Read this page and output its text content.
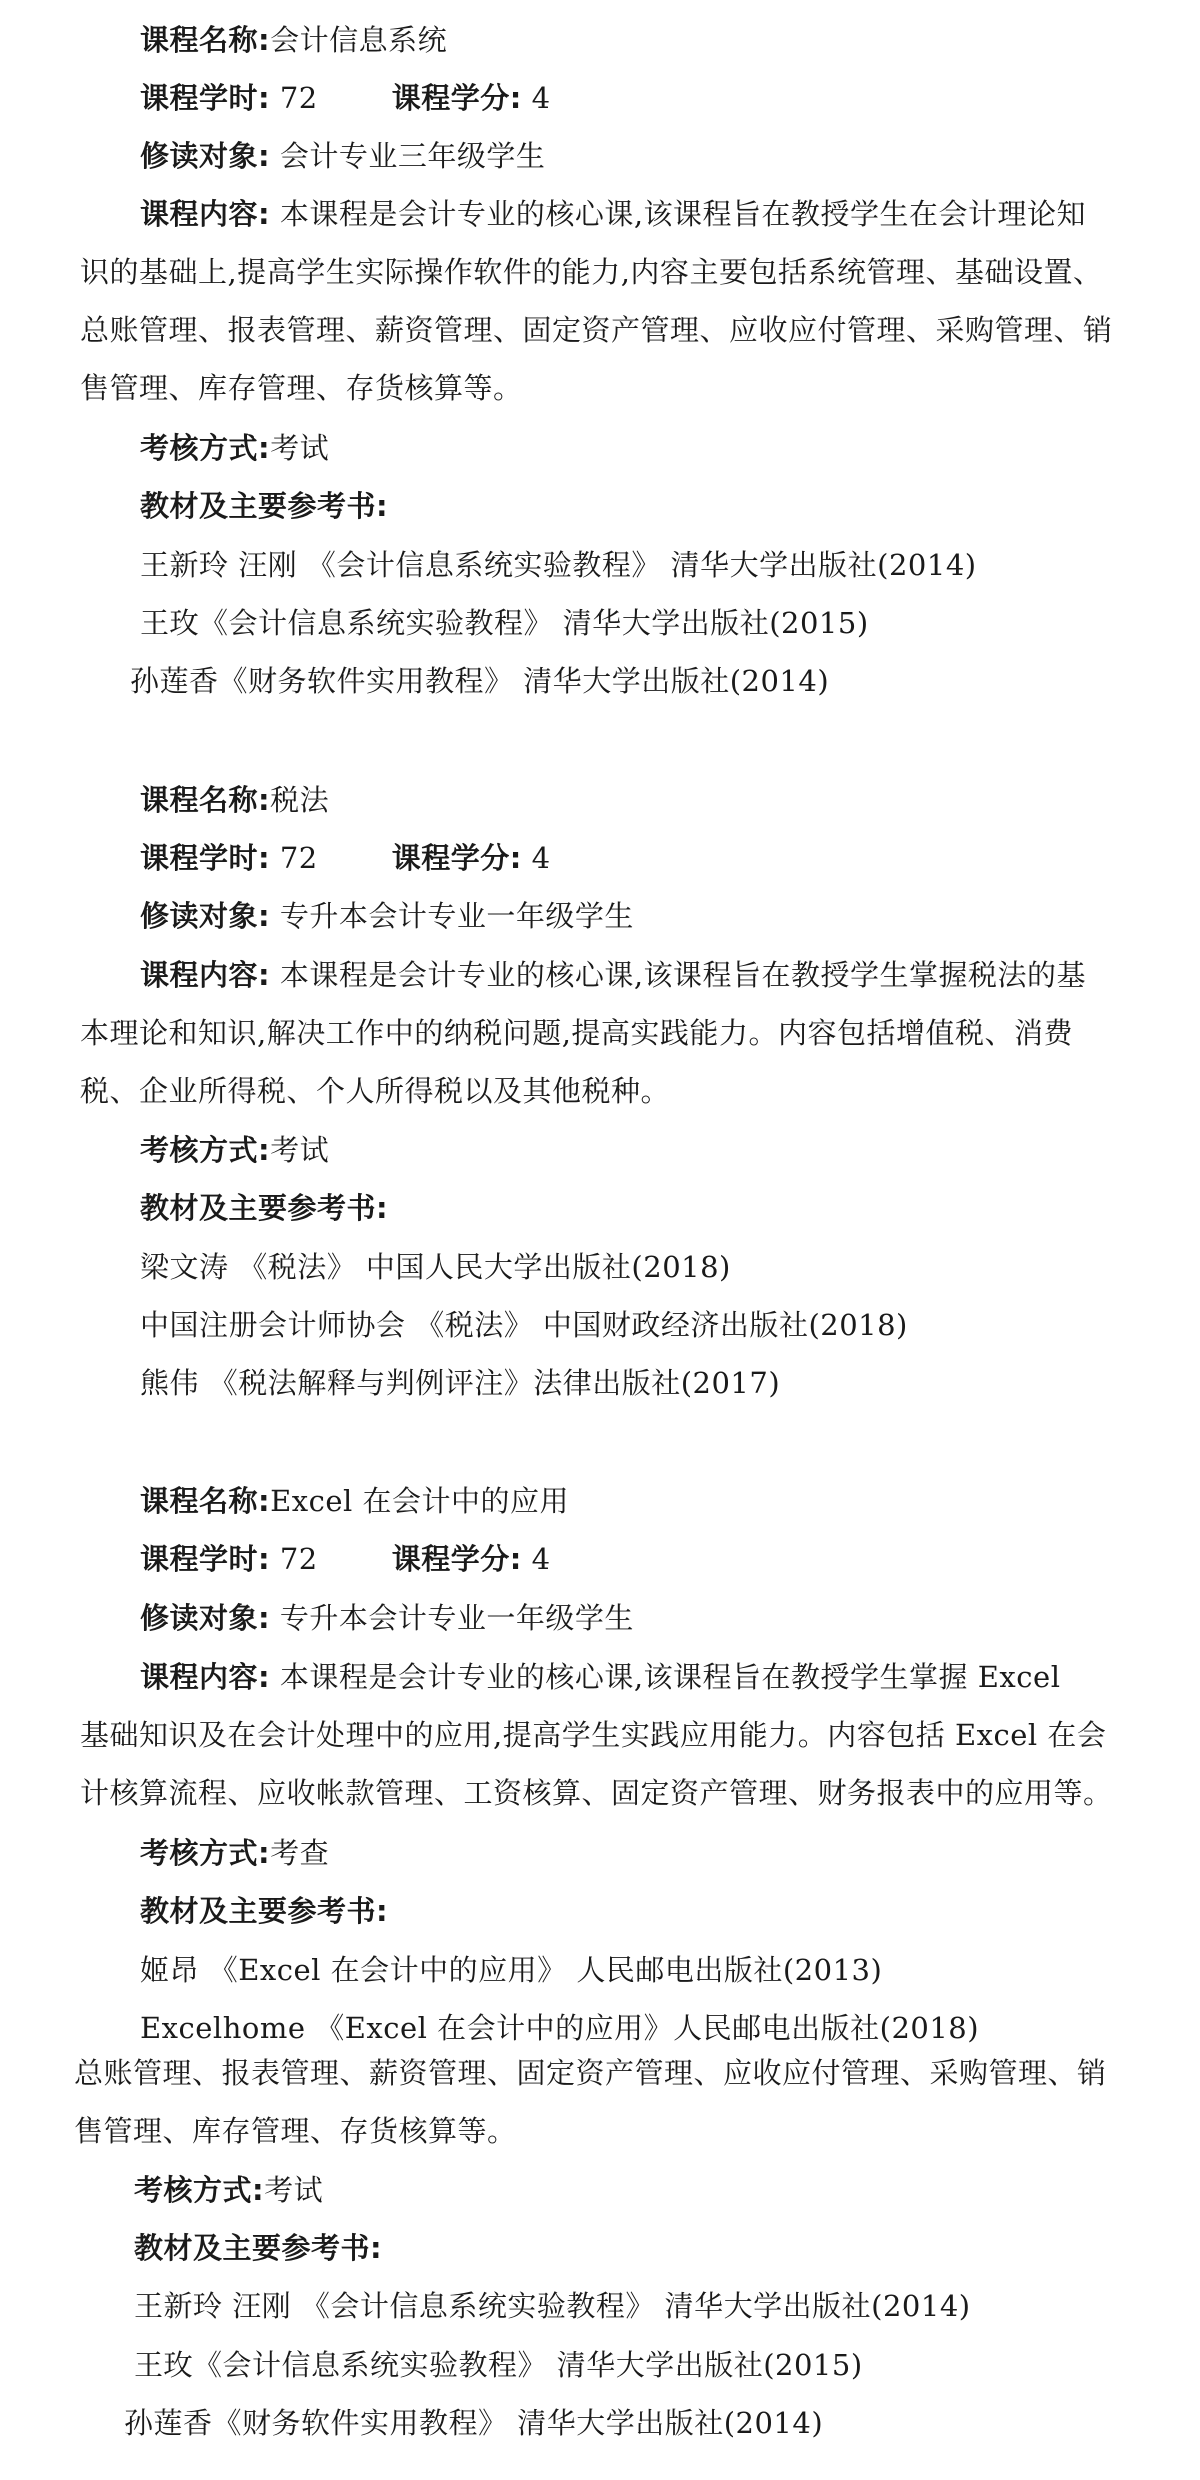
课程名称:会计信息系统
课程学时: 72	课程学分: 4
修读对象: 会计专业三年级学生
课程内容: 本课程是会计专业的核心课,该课程旨在教授学生在会计理论知
识的基础上,提高学生实际操作软件的能力,内容主要包括系统管理、基础设置、
总账管理、报表管理、薪资管理、固定资产管理、应收应付管理、采购管理、销
售管理、库存管理、存货核算等。
考核方式:考试
教材及主要参考书:
王新玲 汪刚 《会计信息系统实验教程》 清华大学出版社(2014)
王玫《会计信息系统实验教程》 清华大学出版社(2015)
孙莲香《财务软件实用教程》 清华大学出版社(2014)
课程名称:税法
课程学时: 72	课程学分: 4
修读对象: 专升本会计专业一年级学生
课程内容: 本课程是会计专业的核心课,该课程旨在教授学生掌握税法的基
本理论和知识,解决工作中的纳税问题,提高实践能力。内容包括增值税、消费
税、企业所得税、个人所得税以及其他税种。
考核方式:考试
教材及主要参考书:
梁文涛 《税法》 中国人民大学出版社(2018)
中国注册会计师协会 《税法》 中国财政经济出版社(2018)
熊伟 《税法解释与判例评注》法律出版社(2017)
课程名称:Excel 在会计中的应用
课程学时: 72	课程学分: 4
修读对象: 专升本会计专业一年级学生
课程内容: 本课程是会计专业的核心课,该课程旨在教授学生掌握 Excel
基础知识及在会计处理中的应用,提高学生实践应用能力。内容包括 Excel 在会
计核算流程、应收帐款管理、工资核算、固定资产管理、财务报表中的应用等。
考核方式:考查
教材及主要参考书:
姬昂 《Excel 在会计中的应用》 人民邮电出版社(2013)
Excelhome 《Excel 在会计中的应用》人民邮电出版社(2018)
总账管理、报表管理、薪资管理、固定资产管理、应收应付管理、采购管理、销
售管理、库存管理、存货核算等。
考核方式:考试
教材及主要参考书:
王新玲 汪刚 《会计信息系统实验教程》 清华大学出版社(2014)
王玫《会计信息系统实验教程》 清华大学出版社(2015)
孙莲香《财务软件实用教程》 清华大学出版社(2014)
